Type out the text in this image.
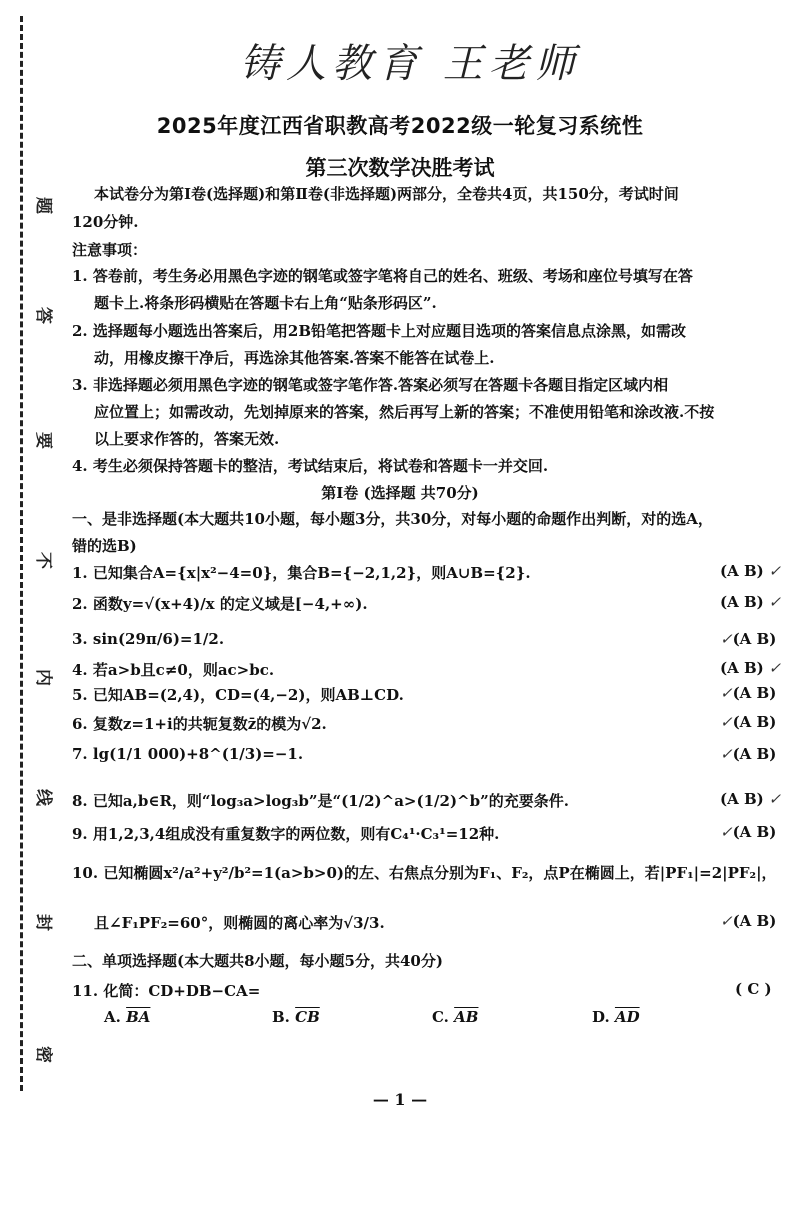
题
答
要
不
内
线
封
密
铸人教育 王老师
2025年度江西省职教高考2022级一轮复习系统性
第三次数学决胜考试
本试卷分为第Ⅰ卷(选择题)和第Ⅱ卷(非选择题)两部分，全卷共4页，共150分，考试时间
120分钟.
注意事项：
1. 答卷前，考生务必用黑色字迹的钢笔或签字笔将自己的姓名、班级、考场和座位号填写在答
题卡上.将条形码横贴在答题卡右上角“贴条形码区”.
2. 选择题每小题选出答案后，用2B铅笔把答题卡上对应题目选项的答案信息点涂黑，如需改
动，用橡皮擦干净后，再选涂其他答案.答案不能答在试卷上.
3. 非选择题必须用黑色字迹的钢笔或签字笔作答.答案必须写在答题卡各题目指定区域内相
应位置上；如需改动，先划掉原来的答案，然后再写上新的答案；不准使用铅笔和涂改液.不按
以上要求作答的，答案无效.
4. 考生必须保持答题卡的整洁，考试结束后，将试卷和答题卡一并交回.
第Ⅰ卷 (选择题 共70分)
一、是非选择题(本大题共10小题，每小题3分，共30分，对每小题的命题作出判断，对的选A，
错的选B)
1. 已知集合A={x|x²−4=0}，集合B={−2,1,2}，则A∪B={2}.	(A B) ✓
2. 函数y=√(x+4)/x 的定义域是[−4,+∞).	(A B) ✓
3. sin(29π/6)=1/2.	✓(A B)
4. 若a>b且c≠0，则ac>bc.	(A B) ✓
5. 已知AB=(2,4)，CD=(4,−2)，则AB⊥CD.	✓(A B)
6. 复数z=1+i的共轭复数z̄的模为√2.	✓(A B)
7. lg(1/1 000)+8^(1/3)=−1.	✓(A B)
8. 已知a,b∈R，则“log₃a>log₃b”是“(1/2)^a>(1/2)^b”的充要条件.	(A B) ✓
9. 用1,2,3,4组成没有重复数字的两位数，则有C₄¹·C₃¹=12种.	✓(A B)
10. 已知椭圆x²/a²+y²/b²=1(a>b>0)的左、右焦点分别为F₁、F₂，点P在椭圆上，若|PF₁|=2|PF₂|，
且∠F₁PF₂=60°，则椭圆的离心率为√3/3.	✓(A B)
二、单项选择题(本大题共8小题，每小题5分，共40分)
11. 化简：CD+DB−CA=	( C )
A. $\overline{BA}$	B. $\overline{CB}$	C. $\overline{AB}$	D. $\overline{AD}$
— 1 —
